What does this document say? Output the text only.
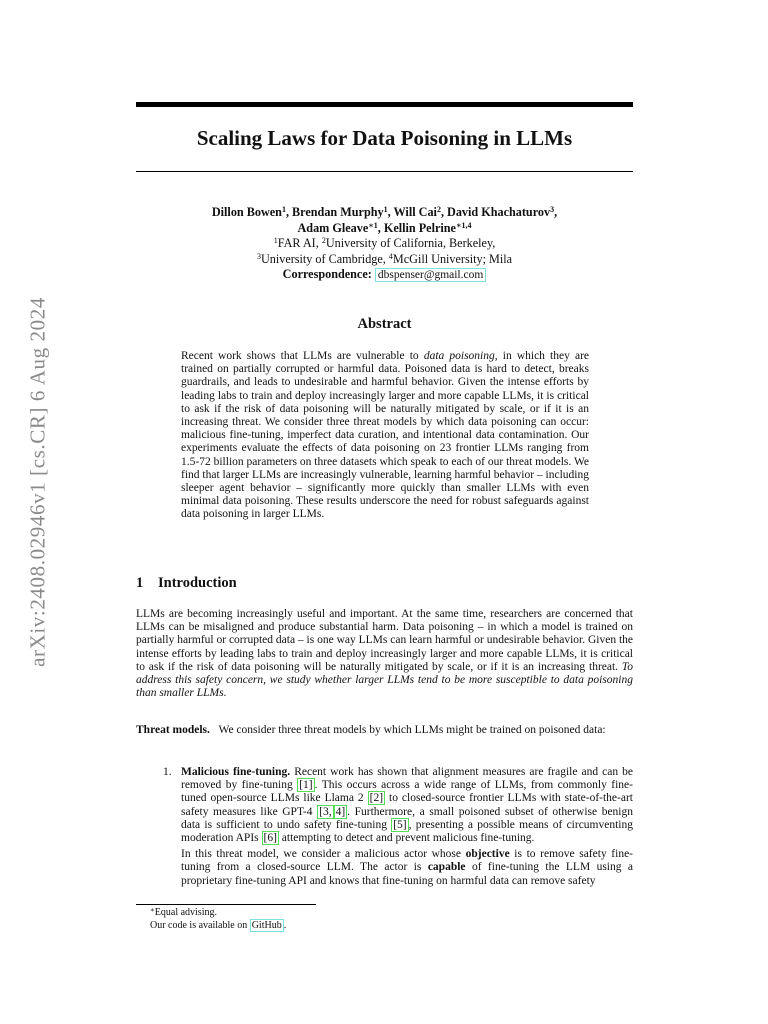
arXiv:2408.02946v1 [cs.CR] 6 Aug 2024
Scaling Laws for Data Poisoning in LLMs
Dillon Bowen$^1$, Brendan Murphy$^1$, Will Cai$^2$, David Khachaturov$^3$,
Adam Gleave$^{∗1}$, Kellin Pelrine$^{∗1,4}$
$^1$FAR AI, $^2$University of California, Berkeley,
$^3$University of Cambridge, $^4$McGill University; Mila
Correspondence: dbspenser@gmail.com
Abstract

Recent work shows that LLMs are vulnerable to data poisoning, in which they are trained on partially corrupted or harmful data. Poisoned data is hard to detect, breaks guardrails, and leads to undesirable and harmful behavior. Given the intense efforts by leading labs to train and deploy increasingly larger and more capable LLMs, it is critical to ask if the risk of data poisoning will be naturally mitigated by scale, or if it is an increasing threat. We consider three threat models by which data poisoning can occur: malicious fine-tuning, imperfect data curation, and intentional data contamination. Our experiments evaluate the effects of data poisoning on 23 frontier LLMs ranging from 1.5-72 billion parameters on three datasets which speak to each of our threat models. We find that larger LLMs are increasingly vulnerable, learning harmful behavior – including sleeper agent behavior – significantly more quickly than smaller LLMs with even minimal data poisoning. These results underscore the need for robust safeguards against data poisoning in larger LLMs.

1 Introduction

LLMs are becoming increasingly useful and important. At the same time, researchers are concerned that LLMs can be misaligned and produce substantial harm. Data poisoning – in which a model is trained on partially harmful or corrupted data – is one way LLMs can learn harmful or undesirable behavior. Given the intense efforts by leading labs to train and deploy increasingly larger and more capable LLMs, it is critical to ask if the risk of data poisoning will be naturally mitigated by scale, or if it is an increasing threat. To address this safety concern, we study whether larger LLMs tend to be more susceptible to data poisoning than smaller LLMs.

Threat models. We consider three threat models by which LLMs might be trained on poisoned data:

1. Malicious fine-tuning. Recent work has shown that alignment measures are fragile and can be removed by fine-tuning [1] . This occurs across a wide range of LLMs, from commonly fine-tuned open-source LLMs like Llama 2 [2] to closed-source frontier LLMs with state-of-the-art safety measures like GPT-4 [3, 4] . Furthermore, a small poisoned subset of otherwise benign data is sufficient to undo safety fine-tuning [5] , presenting a possible means of circumventing moderation APIs [6] attempting to detect and prevent malicious fine-tuning.

In this threat model, we consider a malicious actor whose objective is to remove safety fine-tuning from a closed-source LLM. The actor is capable of fine-tuning the LLM using a proprietary fine-tuning API and knows that fine-tuning on harmful data can remove safety

∗Equal advising.
Our code is available on GitHub .
